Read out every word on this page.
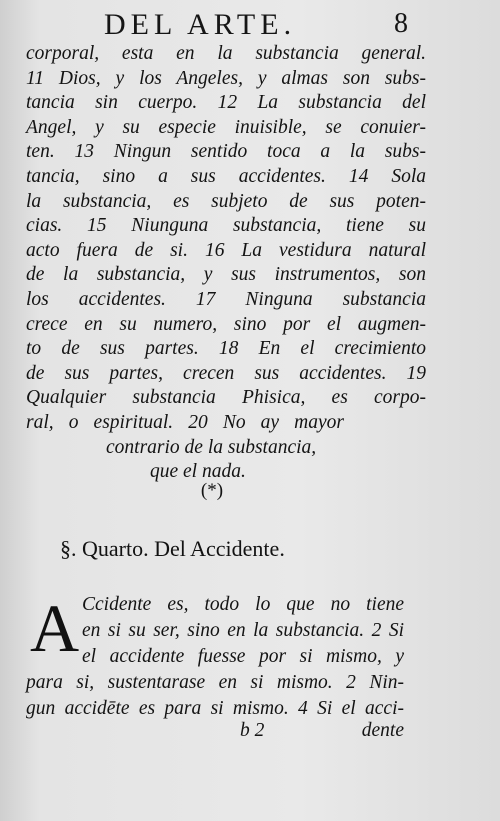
DEL ARTE.	8
corporal, esta en la substancia general.
11 Dios, y los Angeles, y almas son subs-
tancia sin cuerpo. 12 La substancia del
Angel, y su especie inuisible, se conuier-
ten. 13 Ningun sentido toca a la subs-
tancia, sino a sus accidentes. 14 Sola
la substancia, es subjeto de sus poten-
cias. 15 Niunguna substancia, tiene su
acto fuera de si. 16 La vestidura natural
de la substancia, y sus instrumentos, son
los accidentes. 17 Ninguna substancia
crece en su numero, sino por el augmen-
to de sus partes. 18 En el crecimiento
de sus partes, crecen sus accidentes. 19
Qualquier substancia Phisica, es corpo-
ral, o espiritual. 20 No ay mayor
contrario de la substancia,
que el nada.
(*)
§. Quarto. Del Accidente.
A Ccidente es, todo lo que no tiene
en si su ser, sino en la substancia. 2 Si
el accidente fuesse por si mismo, y
para si, sustentarase en si mismo. 2 Nin-
gun accidēte es para si mismo. 4 Si el acci-
b 2	dente
